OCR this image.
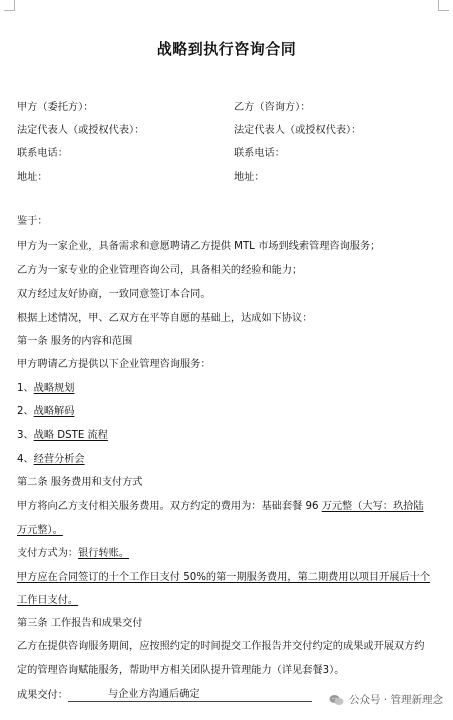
战略到执行咨询合同
甲方（委托方）：	乙方（咨询方）：
法定代表人（或授权代表）：	法定代表人（或授权代表）：
联系电话：	联系电话：
地址：	地址：
鉴于：
甲方为一家企业，具备需求和意愿聘请乙方提供 MTL 市场到线索管理咨询服务；
乙方为一家专业的企业管理咨询公司，具备相关的经验和能力；
双方经过友好协商，一致同意签订本合同。
根据上述情况，甲、乙双方在平等自愿的基础上，达成如下协议：
第一条 服务的内容和范围
甲方聘请乙方提供以下企业管理咨询服务：
1、战略规划
2、战略解码
3、战略 DSTE 流程
4、经营分析会
第二条 服务费用和支付方式
甲方将向乙方支付相关服务费用。双方约定的费用为：基础套餐 96 万元整（大写：玖拾陆
万元整）。
支付方式为：银行转账。
甲方应在合同签订的十个工作日支付 50%的第一期服务费用，第二期费用以项目开展后十个
工作日支付。
第三条 工作报告和成果交付
乙方在提供咨询服务期间，应按照约定的时间提交工作报告并交付约定的成果或开展双方约
定的管理咨询赋能服务，帮助甲方相关团队提升管理能力（详见套餐3）。
成果交付：	与企业方沟通后确定	公众号 · 管理新理念
